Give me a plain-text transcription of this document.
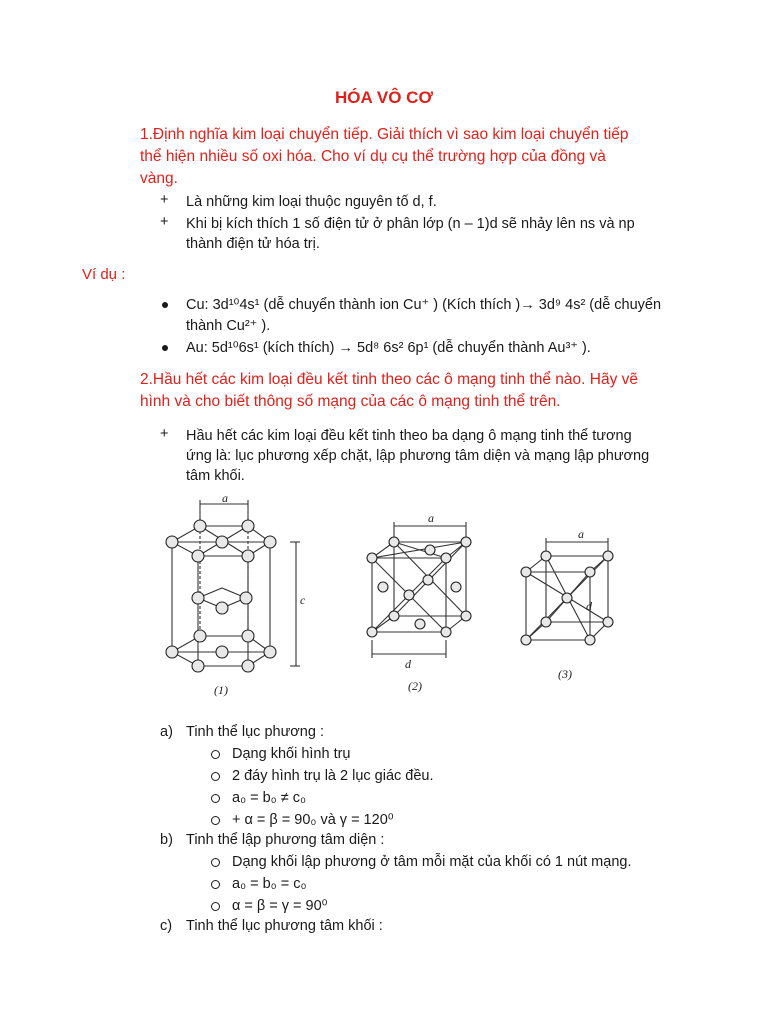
HÓA VÔ CƠ
1.Định nghĩa kim loại chuyển tiếp. Giải thích vì sao kim loại chuyển tiếp
thể hiện nhiều số oxi hóa. Cho ví dụ cụ thể trường hợp của đồng và
vàng.
+ Là những kim loại thuộc nguyên tố d, f.
+ Khi bị kích thích 1 số điện tử ở phân lớp (n – 1)d sẽ nhảy lên ns và np
thành điện tử hóa trị.
Ví dụ :
Cu: 3d¹⁰4s¹ (dễ chuyển thành ion Cu⁺ ) (Kích thích )→ 3d⁹ 4s² (dễ chuyển
thành Cu²⁺ ).
Au: 5d¹⁰6s¹ (kích thích) → 5d⁸ 6s² 6p¹ (dễ chuyển thành Au³⁺ ).
2.Hầu hết các kim loại đều kết tinh theo các ô mạng tinh thể nào. Hãy vẽ
hình và cho biết thông số mạng của các ô mạng tinh thể trên.
+ Hầu hết các kim loại đều kết tinh theo ba dạng ô mạng tinh thể tương
ứng là: lục phương xếp chặt, lập phương tâm diện và mạng lập phương
tâm khối.
a
c
(1)
a
d
(2)
a
d
(3)
a) Tinh thể lục phương :
Dạng khối hình trụ
2 đáy hình trụ là 2 lục giác đều.
a₀ = b₀ ≠ c₀
+ α = β = 90₀ và γ = 120⁰
b) Tinh thể lập phương tâm diện :
Dạng khối lập phương ở tâm mỗi mặt của khối có 1 nút mạng.
a₀ = b₀ = c₀
α = β = γ = 90⁰
c) Tinh thể lục phương tâm khối :
